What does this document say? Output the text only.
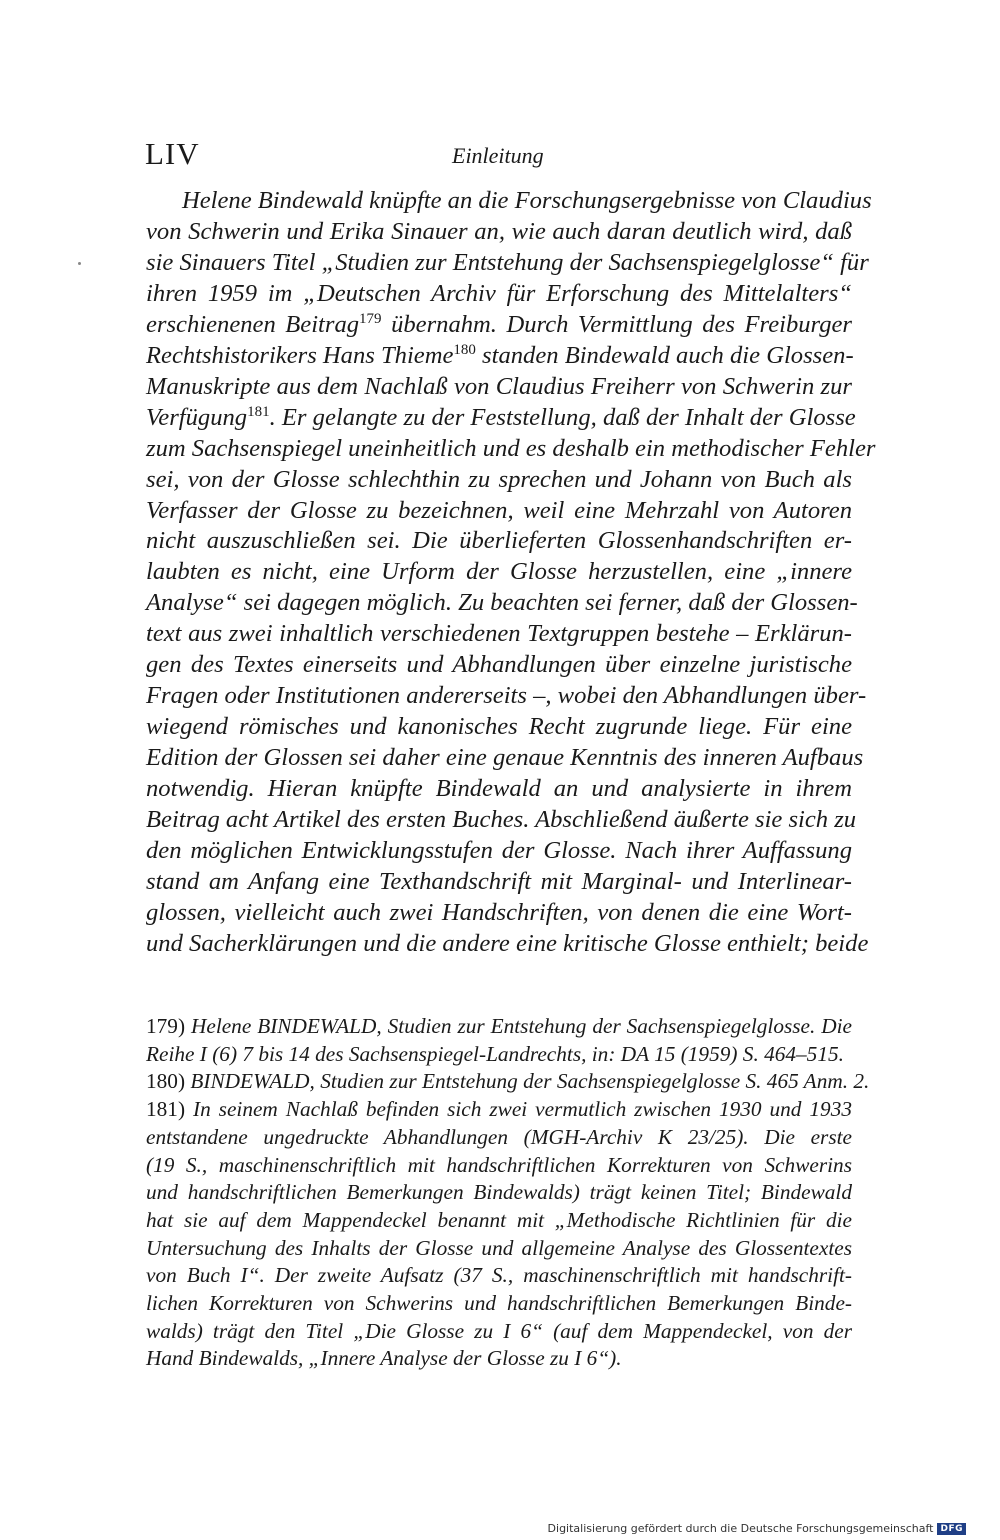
LIV	Einleitung
Helene Bindewald knüpfte an die Forschungsergebnisse von Claudius
von Schwerin und Erika Sinauer an, wie auch daran deutlich wird, daß
sie Sinauers Titel „Studien zur Entstehung der Sachsenspiegelglosse“ für
ihren 1959 im „Deutschen Archiv für Erforschung des Mittelalters“
erschienenen Beitrag$^{179}$ übernahm. Durch Vermittlung des Freiburger
Rechtshistorikers Hans Thieme$^{180}$ standen Bindewald auch die Glossen-
Manuskripte aus dem Nachlaß von Claudius Freiherr von Schwerin zur
Verfügung$^{181}$. Er gelangte zu der Feststellung, daß der Inhalt der Glosse
zum Sachsenspiegel uneinheitlich und es deshalb ein methodischer Fehler
sei, von der Glosse schlechthin zu sprechen und Johann von Buch als
Verfasser der Glosse zu bezeichnen, weil eine Mehrzahl von Autoren
nicht auszuschließen sei. Die überlieferten Glossenhandschriften er-
laubten es nicht, eine Urform der Glosse herzustellen, eine „innere
Analyse“ sei dagegen möglich. Zu beachten sei ferner, daß der Glossen-
text aus zwei inhaltlich verschiedenen Textgruppen bestehe – Erklärun-
gen des Textes einerseits und Abhandlungen über einzelne juristische
Fragen oder Institutionen andererseits –, wobei den Abhandlungen über-
wiegend römisches und kanonisches Recht zugrunde liege. Für eine
Edition der Glossen sei daher eine genaue Kenntnis des inneren Aufbaus
notwendig. Hieran knüpfte Bindewald an und analysierte in ihrem
Beitrag acht Artikel des ersten Buches. Abschließend äußerte sie sich zu
den möglichen Entwicklungsstufen der Glosse. Nach ihrer Auffassung
stand am Anfang eine Texthandschrift mit Marginal- und Interlinear-
glossen, vielleicht auch zwei Handschriften, von denen die eine Wort-
und Sacherklärungen und die andere eine kritische Glosse enthielt; beide
179) Helene BINDEWALD, Studien zur Entstehung der Sachsenspiegelglosse. Die
Reihe I (6) 7 bis 14 des Sachsenspiegel-Landrechts, in: DA 15 (1959) S. 464–515.
180) BINDEWALD, Studien zur Entstehung der Sachsenspiegelglosse S. 465 Anm. 2.
181) In seinem Nachlaß befinden sich zwei vermutlich zwischen 1930 und 1933
entstandene ungedruckte Abhandlungen (MGH-Archiv K 23/25). Die erste
(19 S., maschinenschriftlich mit handschriftlichen Korrekturen von Schwerins
und handschriftlichen Bemerkungen Bindewalds) trägt keinen Titel; Bindewald
hat sie auf dem Mappendeckel benannt mit „Methodische Richtlinien für die
Untersuchung des Inhalts der Glosse und allgemeine Analyse des Glossentextes
von Buch I“. Der zweite Aufsatz (37 S., maschinenschriftlich mit handschrift-
lichen Korrekturen von Schwerins und handschriftlichen Bemerkungen Binde-
walds) trägt den Titel „Die Glosse zu I 6“ (auf dem Mappendeckel, von der
Hand Bindewalds, „Innere Analyse der Glosse zu I 6“).
Digitalisierung gefördert durch die Deutsche Forschungsgemeinschaft DFG
